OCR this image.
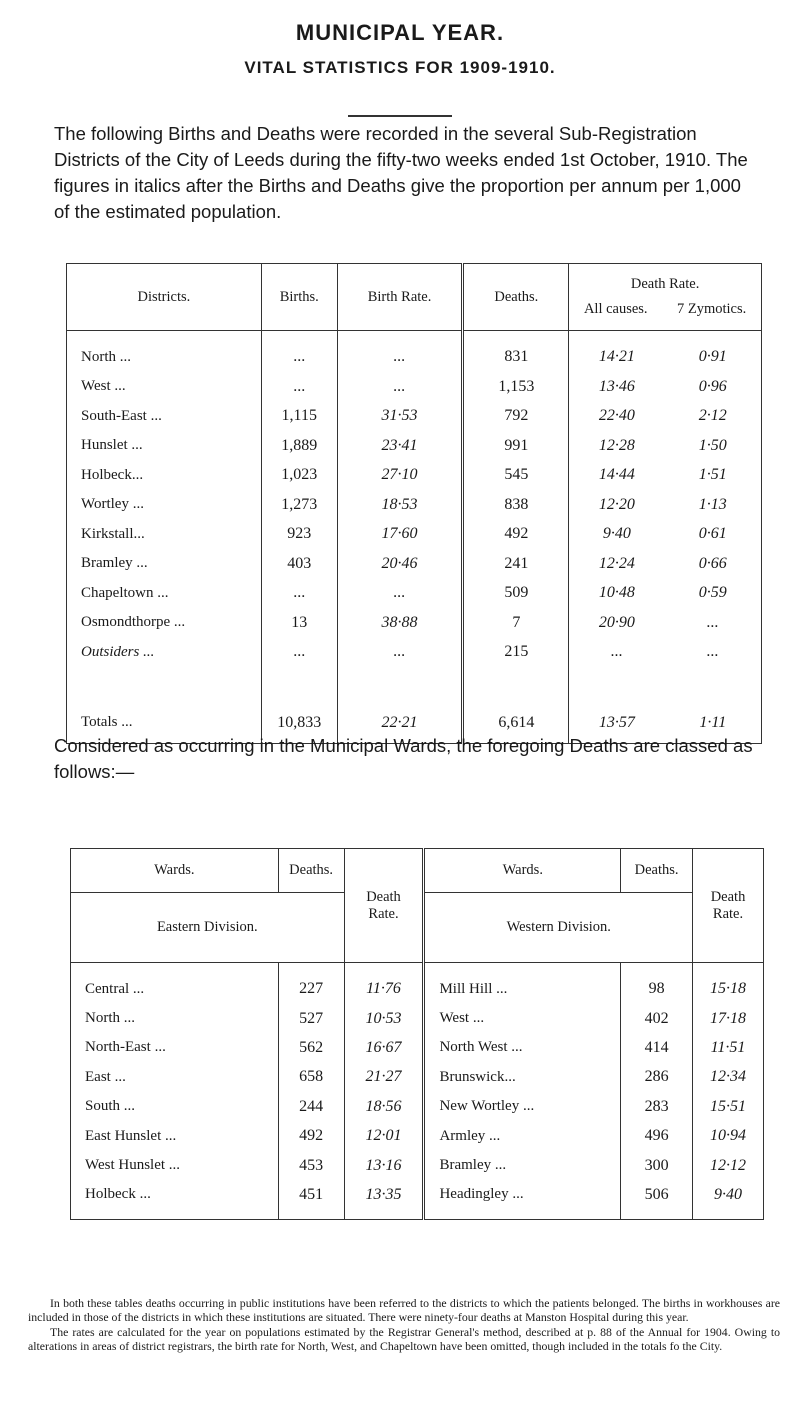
MUNICIPAL YEAR.
VITAL STATISTICS FOR 1909-1910.
The following Births and Deaths were recorded in the several Sub-Registration Districts of the City of Leeds during the fifty-two weeks ended 1st October, 1910. The figures in italics after the Births and Deaths give the proportion per annum per 1,000 of the estimated population.
Districts.	Births.	Birth Rate.	Deaths.	Death Rate.
All causes. 7 Zymotics.	

North ...	...	...	831	14·21	0·91
West ...	...	...	1,153	13·46	0·96
South-East ...	1,115	31·53	792	22·40	2·12
Hunslet ...	1,889	23·41	991	12·28	1·50
Holbeck...	1,023	27·10	545	14·44	1·51
Wortley ...	1,273	18·53	838	12·20	1·13
Kirkstall...	923	17·60	492	9·40	0·61
Bramley ...	403	20·46	241	12·24	0·66
Chapeltown ...	...	...	509	10·48	0·59
Osmondthorpe ...	13	38·88	7	20·90	...
Outsiders ...	...	...	215	...	...

Totals ...	10,833	22·21	6,614	13·57	1·11
Considered as occurring in the Municipal Wards, the foregoing Deaths are classed as follows:—
Wards.	Deaths.	Death Rate.	Wards.	Deaths.	Death Rate.
Eastern Division.			Western Division.		

Central ...	227	11·76	Mill Hill ...	98	15·18
North ...	527	10·53	West ...	402	17·18
North-East ...	562	16·67	North West ...	414	11·51
East ...	658	21·27	Brunswick...	286	12·34
South ...	244	18·56	New Wortley ...	283	15·51
East Hunslet ...	492	12·01	Armley ...	496	10·94
West Hunslet ...	453	13·16	Bramley ...	300	12·12
Holbeck ...	451	13·35	Headingley ...	506	9·40

In both these tables deaths occurring in public institutions have been referred to the districts to which the patients belonged. The births in workhouses are included in those of the districts in which these institutions are situated. There were ninety-four deaths at Manston Hospital during this year.

The rates are calculated for the year on populations estimated by the Registrar General's method, described at p. 88 of the Annual for 1904. Owing to alterations in areas of district registrars, the birth rate for North, West, and Chapeltown have been omitted, though included in the totals fo the City.
